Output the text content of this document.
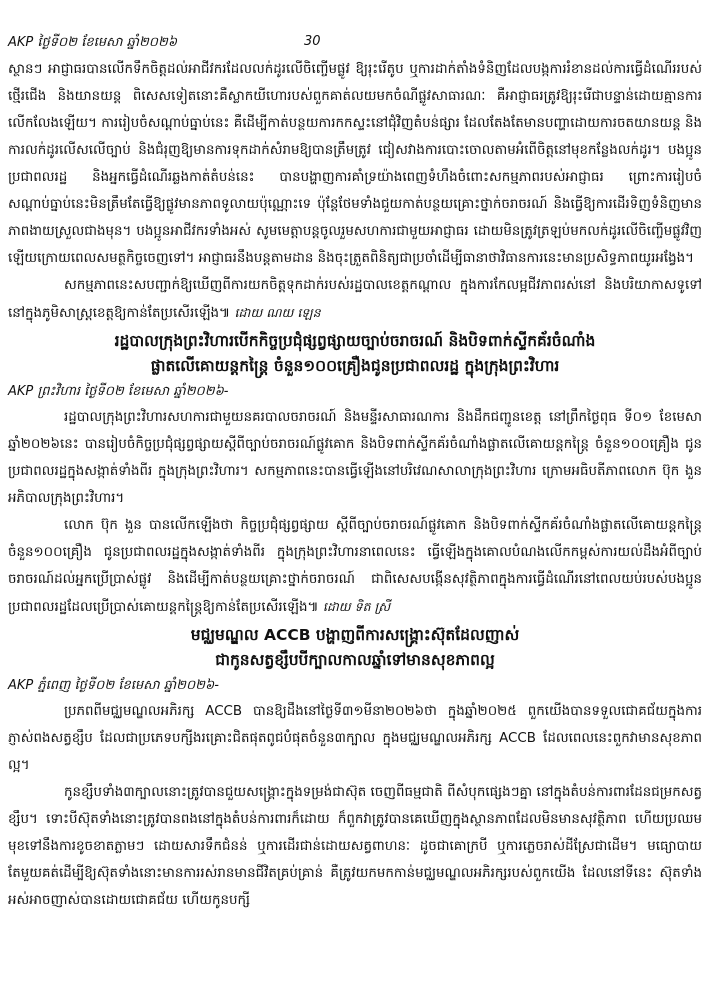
AKP ថ្ងៃទី០២ ខែមេសា ឆ្នាំ២០២៦	30

ស្ថានៗ អាជ្ញាធរបានលើកទឹកចិត្តដល់អាជីវករដែលលក់ដូរលើចិញ្ចើមផ្លូវ ឱ្យរុះរើតូប ឬការដាក់តាំងទំនិញដែលបង្កការរំខានដល់ការធ្វើដំណើររបស់ថ្មើរជើង និងយានយន្ត ពិសេសទៀតនោះគឺស្លាកយីហោរបស់ពួកគាត់លយមកចំណីផ្លូវសាធារណៈ គឺអាជ្ញាធរត្រូវឱ្យរុះរើជាបន្ទាន់ដោយគ្មានការលើកលែងឡើយ។ ការរៀបចំសណ្តាប់ធ្នាប់នេះ គឺដើម្បីកាត់បន្ថយការកកស្ទះនៅជុំវិញតំបន់ផ្សារ ដែលតែងតែមានបញ្ហាដោយការចតយានយន្ត និងការលក់ដូរលើសលើច្បាប់ និងជំរុញឱ្យមានការទុកដាក់សំរាមឱ្យបានត្រឹមត្រូវ ជៀសវាងការបោះចោលតាមអំពើចិត្តនៅមុខកន្លែងលក់ដូរ។ បងប្អូនប្រជាពលរដ្ឋ និងអ្នកធ្វើដំណើរឆ្លងកាត់តំបន់នេះ បានបង្ហាញការគាំទ្រយ៉ាងពេញទំហឹងចំពោះសកម្មភាពរបស់អាជ្ញាធរ ព្រោះការរៀបចំសណ្តាប់ធ្នាប់នេះមិនត្រឹមតែធ្វើឱ្យផ្លូវមានភាពទូលាយប៉ុណ្ណោះទេ ប៉ុន្តែថែមទាំងជួយកាត់បន្ថយគ្រោះថ្នាក់ចរាចរណ៍ និងធ្វើឱ្យការដើរទិញទំនិញមានភាពងាយស្រួលជាងមុន។ បងប្អូនអាជីវករទាំងអស់ សូមមេត្តាបន្តចូលរួមសហការជាមួយអាជ្ញាធរ ដោយមិនត្រូវត្រឡប់មកលក់ដូរលើចិញ្ចើមផ្លូវវិញឡើយក្រោយពេលសមត្ថកិច្ចចេញទៅ។ អាជ្ញាធរនឹងបន្តតាមដាន និងចុះត្រួតពិនិត្យជាប្រចាំដើម្បីធានាថាវិធានការនេះមានប្រសិទ្ធភាពយូរអង្វែង។

សកម្មភាពនេះសបញ្ជាក់ឱ្យឃើញពីការយកចិត្តទុកដាក់របស់រដ្ឋបាលខេត្តកណ្តាល ក្នុងការកែលម្អជីវភាពរស់នៅ និងបរិយាកាសទូទៅនៅក្នុងភូមិសាស្ត្រខេត្តឱ្យកាន់តែប្រសើរឡើង៕ ដោយ ណយ ឡេន

រដ្ឋបាលក្រុងព្រះវិហារបើកកិច្ចប្រជុំផ្សព្វផ្សាយច្បាប់ចរាចរណ៍ និងបិទពាក់ស្ទីកគ័រចំណាំង
ផ្លាតលើគោយន្តកន្ត្រៃ ចំនួន១០០គ្រឿងជូនប្រជាពលរដ្ឋ ក្នុងក្រុងព្រះវិហារ

AKP ព្រះវិហារ ថ្ងៃទី០២ ខែមេសា ឆ្នាំ២០២៦-

រដ្ឋបាលក្រុងព្រះវិហារសហការជាមួយនគរបាលចរាចរណ៍ និងមន្ទីរសាធារណការ និងដឹកជញ្ជូនខេត្ត នៅព្រឹកថ្ងៃពុធ ទី០១ ខែមេសា ឆ្នាំ២០២៦នេះ បានរៀបចំកិច្ចប្រជុំផ្សព្វផ្សាយស្តីពីច្បាប់ចរាចរណ៍ផ្លូវគោក និងបិទពាក់ស្ទីកគ័រចំណាំងផ្លាតលើគោយន្តកន្ត្រៃ ចំនួន១០០គ្រឿង ជូនប្រជាពលរដ្ឋក្នុងសង្កាត់ទាំងពីរ ក្នុងក្រុងព្រះវិហារ។ សកម្មភាពនេះបានធ្វើឡើងនៅបរិវេណសាលាក្រុងព្រះវិហារ ក្រោមអធិបតីភាពលោក ប៊ុក ងួន អភិបាលក្រុងព្រះវិហារ។

លោក ប៊ុក ងួន បានលើកឡើងថា កិច្ចប្រជុំផ្សព្វផ្សាយ ស្តីពីច្បាប់ចរាចរណ៍ផ្លូវគោក និងបិទពាក់ស្ទីកគ័រចំណាំងផ្លាតលើគោយន្តកន្ត្រៃ ចំនួន១០០គ្រឿង ជូនប្រជាពលរដ្ឋក្នុងសង្កាត់ទាំងពីរ ក្នុងក្រុងព្រះវិហារនាពេលនេះ ធ្វើឡើងក្នុងគោលបំណងលើកកម្ពស់ការយល់ដឹងអំពីច្បាប់ចរាចរណ៍ដល់អ្នកប្រើប្រាស់ផ្លូវ និងដើម្បីកាត់បន្ថយគ្រោះថ្នាក់ចរាចរណ៍ ជាពិសេសបង្កើនសុវត្ថិភាពក្នុងការធ្វើដំណើរនៅពេលយប់របស់បងប្អូនប្រជាពលរដ្ឋដែលប្រើប្រាស់គោយន្តកន្ត្រៃឱ្យកាន់តែប្រសើរឡើង៕ ដោយ ទិត ស្រី

មជ្ឈមណ្ឌល ACCB បង្ហាញពីការសង្គ្រោះស៊ុតដែលញាស់
ជាកូនសត្វខ្សឹបបីក្បាលកាលឆ្នាំទៅមានសុខភាពល្អ

AKP ភ្នំពេញ ថ្ងៃទី០២ ខែមេសា ឆ្នាំ២០២៦-

ប្រភពពីមជ្ឈមណ្ឌលអភិរក្ស ACCB បានឱ្យដឹងនៅថ្ងៃទី៣១មីនា២០២៦ថា ក្នុងឆ្នាំ២០២៥ ពួកយើងបានទទួលជោគជ័យក្នុងការភ្ញាស់ពងសត្វខ្សឹប ដែលជាប្រភេទបក្សីងរគ្រោះជិតផុតពូជបំផុតចំនួន៣ក្បាល ក្នុងមជ្ឈមណ្ឌលអភិរក្ស ACCB ដែលពេលនេះពួកវាមានសុខភាពល្អ។

កូនខ្សឹបទាំង៣ក្បាលនោះត្រូវបានជួយសង្គ្រោះក្នុងទម្រង់ជាស៊ុត ចេញពីធម្មជាតិ ពីសំបុកផ្សេងៗគ្នា នៅក្នុងតំបន់ការពារដែនជម្រកសត្វខ្សឹប។ ទោះបីស៊ុតទាំងនោះត្រូវបានពងនៅក្នុងតំបន់ការពារក៏ដោយ ក៏ពួកវាត្រូវបានគេឃើញក្នុងស្ថានភាពដែលមិនមានសុវត្ថិភាព ហើយប្រឈមមុខទៅនឹងការខូចខាតភ្លាមៗ ដោយសារទឹកជំនន់ ឬការដើរជាន់ដោយសត្វពាហនៈ ដូចជាគោក្របី ឬការភ្លេចរាស់ដីស្រែជាដើម។ មធ្យោបាយតែមួយគត់ដើម្បីឱ្យស៊ុតទាំងនោះមានការរស់រានមានជីវិតគ្រប់គ្រាន់ គឺត្រូវយកមកកាន់មជ្ឈមណ្ឌលអភិរក្សរបស់ពួកយើង ដែលនៅទីនេះ ស៊ុតទាំងអស់អាចញាស់បានដោយជោគជ័យ ហើយកូនបក្សី
